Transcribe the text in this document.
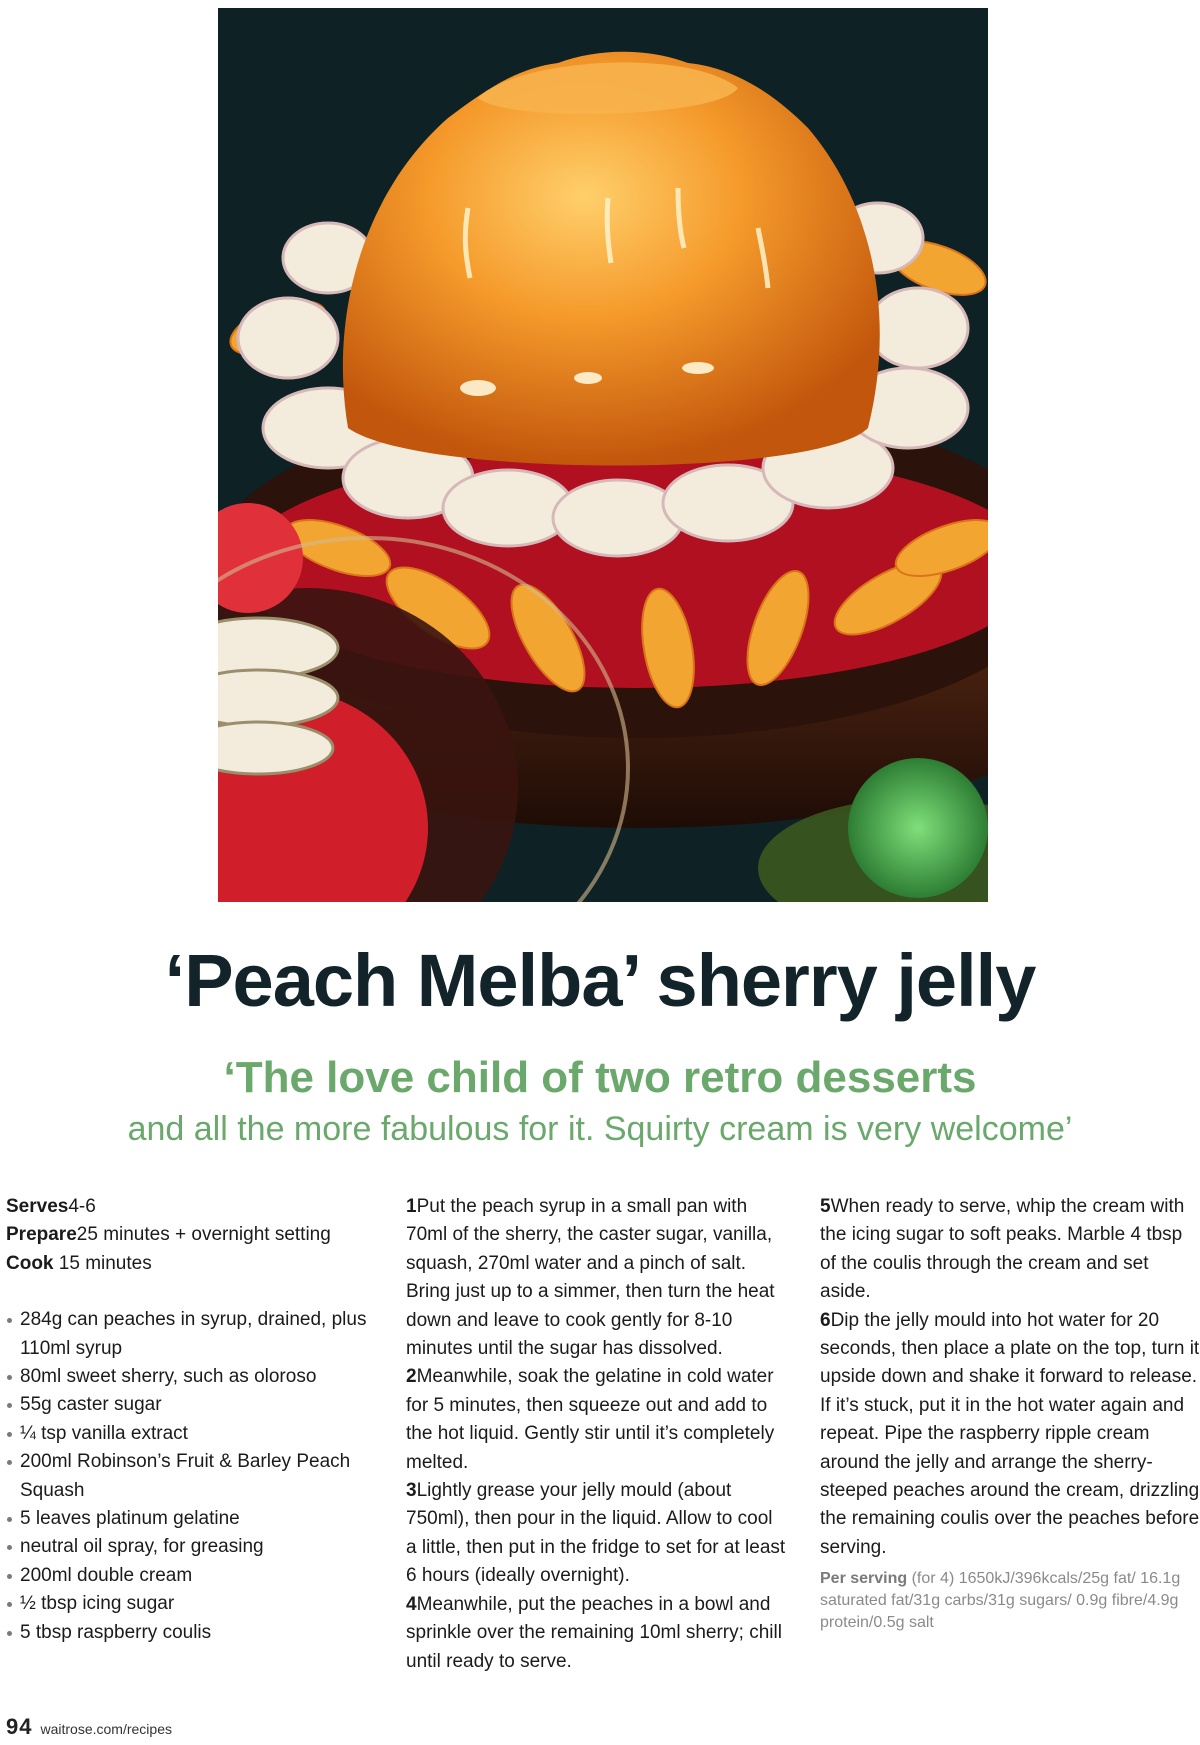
‘Peach Melba’ sherry jelly
‘The love child of two retro desserts
and all the more fabulous for it. Squirty cream is very welcome’
Serves4-6
Prepare25 minutes + overnight setting
Cook 15 minutes
284g can peaches in syrup, drained, plus 110ml syrup
80ml sweet sherry, such as oloroso
55g caster sugar
¼ tsp vanilla extract
200ml Robinson’s Fruit & Barley Peach Squash
5 leaves platinum gelatine
neutral oil spray, for greasing
200ml double cream
½ tbsp icing sugar
5 tbsp raspberry coulis
1Put the peach syrup in a small pan with 70ml of the sherry, the caster sugar, vanilla, squash, 270ml water and a pinch of salt. Bring just up to a simmer, then turn the heat down and leave to cook gently for 8-10 minutes until the sugar has dissolved.
2Meanwhile, soak the gelatine in cold water for 5 minutes, then squeeze out and add to the hot liquid. Gently stir until it’s completely melted.
3Lightly grease your jelly mould (about 750ml), then pour in the liquid. Allow to cool a little, then put in the fridge to set for at least 6 hours (ideally overnight).
4Meanwhile, put the peaches in a bowl and sprinkle over the remaining 10ml sherry; chill until ready to serve.
5When ready to serve, whip the cream with the icing sugar to soft peaks. Marble 4 tbsp of the coulis through the cream and set aside.
6Dip the jelly mould into hot water for 20 seconds, then place a plate on the top, turn it upside down and shake it forward to release. If it’s stuck, put it in the hot water again and repeat. Pipe the raspberry ripple cream around the jelly and arrange the sherry-steeped peaches around the cream, drizzling the remaining coulis over the peaches before serving.
Per serving (for 4) 1650kJ/396kcals/25g fat/ 16.1g saturated fat/31g carbs/31g sugars/ 0.9g fibre/4.9g protein/0.5g salt
94 waitrose.com/recipes
